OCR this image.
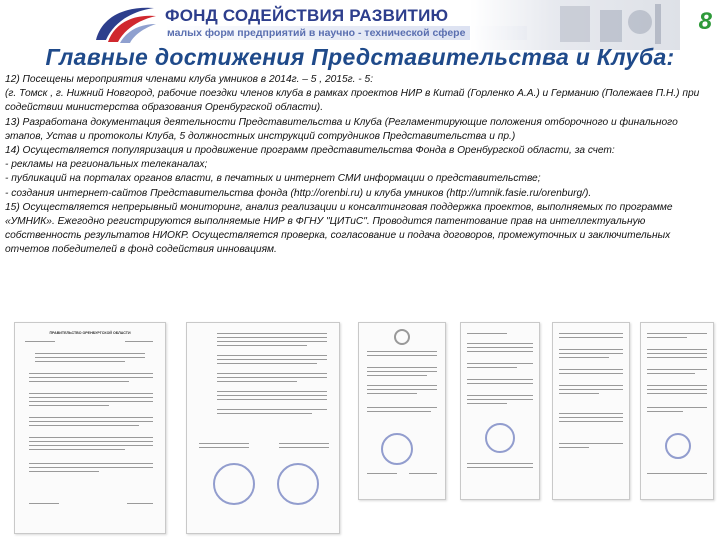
ФОНД СОДЕЙСТВИЯ РАЗВИТИЮ
малых форм предприятий в научно - технической сфере	8
Главные достижения Представительства и Клуба:

12) Посещены мероприятия членами клуба умников в 2014г. – 5 , 2015г. - 5:

(г. Томск , г. Нижний Новгород, рабочие поездки членов клуба в рамках проектов НИР в Китай (Горленко А.А.) и Германию (Полежаев П.Н.) при содействии министерства образования Оренбургской области).

13) Разработана документация деятельности Представительства и Клуба (Регламентирующие положения отборочного и финального этапов, Устав и протоколы Клуба, 5 должностных инструкций сотрудников Представительства и пр.)

14) Осуществляется популяризация и продвижение программ представительства Фонда в Оренбургской области, за счет:

- рекламы на региональных телеканалах;

- публикаций на порталах органов власти, в печатных и интернет СМИ информации о представительстве;

- создания интернет-сайтов Представительства фонда (http://orenbi.ru) и клуба умников (http://umnik.fasie.ru/orenburg/).

15) Осуществляется непрерывный мониторинг, анализ реализации и консалтинговая поддержка проектов, выполняемых по программе «УМНИК». Ежегодно регистрируются выполняемые НИР в ФГНУ "ЦИТиС". Проводится патентование прав на интеллектуальную собственность результатов НИОКР. Осуществляется проверка, согласование и подача договоров, промежуточных и заключительных отчетов победителей в фонд содействия инновациям.

ПРАВИТЕЛЬСТВО ОРЕНБУРГСКОЙ ОБЛАСТИ
